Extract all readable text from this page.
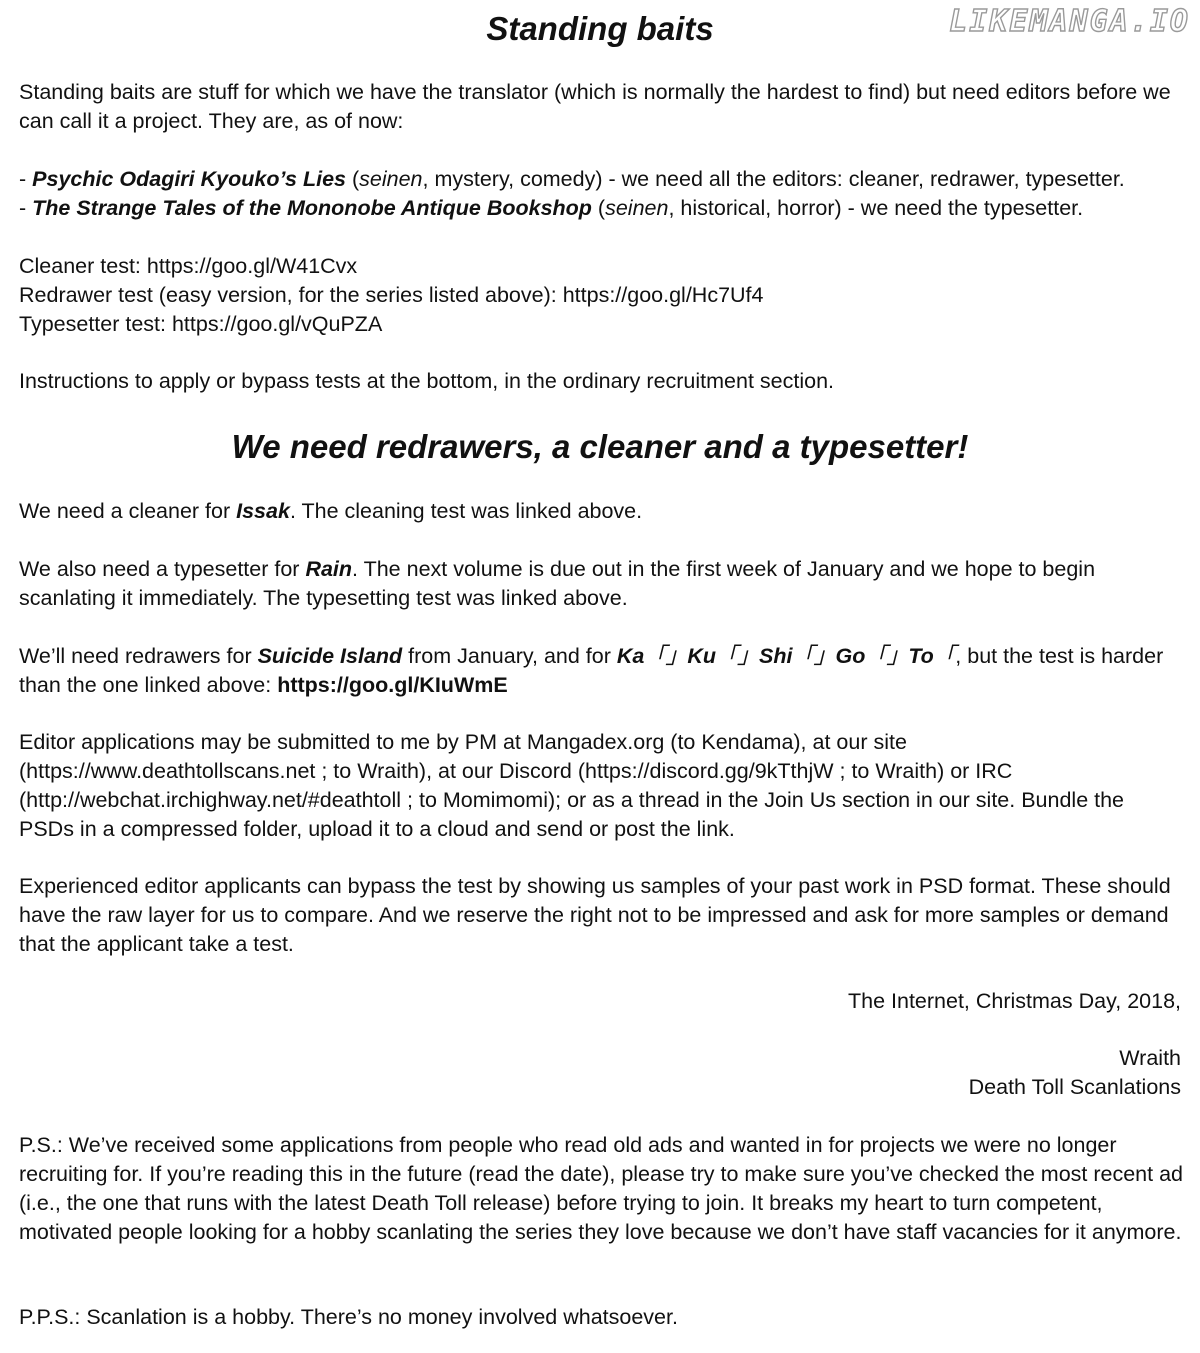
LIKEMANGA.IO
Standing baits

Standing baits are stuff for which we have the translator (which is normally the hardest to find) but need editors before we can call it a project. They are, as of now:

- Psychic Odagiri Kyouko’s Lies (seinen, mystery, comedy) - we need all the editors: cleaner, redrawer, typesetter.

- The Strange Tales of the Mononobe Antique Bookshop (seinen, historical, horror) - we need the typesetter.

Cleaner test: https://goo.gl/W41Cvx

Redrawer test (easy version, for the series listed above): https://goo.gl/Hc7Uf4

Typesetter test: https://goo.gl/vQuPZA

Instructions to apply or bypass tests at the bottom, in the ordinary recruitment section.

We need redrawers, a cleaner and a typesetter!

We need a cleaner for Issak. The cleaning test was linked above.

We also need a typesetter for Rain. The next volume is due out in the first week of January and we hope to begin scanlating it immediately. The typesetting test was linked above.

We’ll need redrawers for Suicide Island from January, and for Ka「」Ku「」Shi「」Go「」To「, but the test is harder than the one linked above: https://goo.gl/KIuWmE

Editor applications may be submitted to me by PM at Mangadex.org (to Kendama), at our site (https://www.deathtollscans.net ; to Wraith), at our Discord (https://discord.gg/9kTthjW ; to Wraith) or IRC (http://webchat.irchighway.net/#deathtoll ; to Momimomi); or as a thread in the Join Us section in our site. Bundle the PSDs in a compressed folder, upload it to a cloud and send or post the link.

Experienced editor applicants can bypass the test by showing us samples of your past work in PSD format. These should have the raw layer for us to compare. And we reserve the right not to be impressed and ask for more samples or demand that the applicant take a test.

The Internet, Christmas Day, 2018,

Wraith

Death Toll Scanlations

P.S.: We’ve received some applications from people who read old ads and wanted in for projects we were no longer recruiting for. If you’re reading this in the future (read the date), please try to make sure you’ve checked the most recent ad (i.e., the one that runs with the latest Death Toll release) before trying to join. It breaks my heart to turn competent, motivated people looking for a hobby scanlating the series they love because we don’t have staff vacancies for it anymore.

P.P.S.: Scanlation is a hobby. There’s no money involved whatsoever.
